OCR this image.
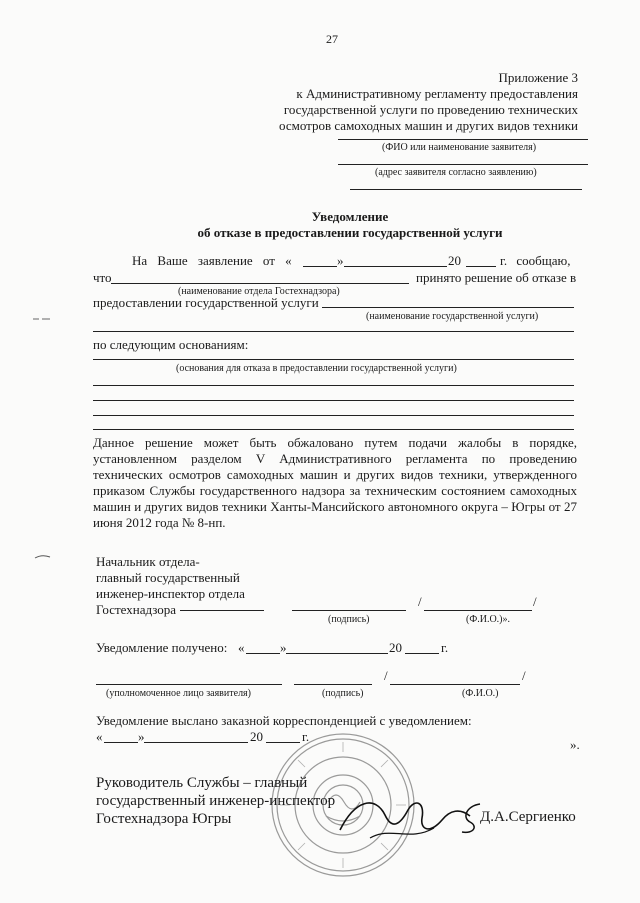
27
Приложение 3
к Административному регламенту предоставления
государственной услуги по проведению технических
осмотров самоходных машин и других видов техники
(ФИО или наименование заявителя)
(адрес заявителя согласно заявлению)
Уведомление
об отказе в предоставлении государственной услуги
На Ваше заявление от «	»	20	г. сообщаю,
что	принято решение об отказе в
(наименование отдела Гостехнадзора)
предоставлении государственной услуги
(наименование государственной услуги)
по следующим основаниям:
(основания для отказа в предоставлении государственной услуги)
Данное решение может быть обжаловано путем подачи жалобы в порядке, установленном разделом V Административного регламента по проведению технических осмотров самоходных машин и других видов техники, утвержденного приказом Службы государственного надзора за техническим состоянием самоходных машин и других видов техники Ханты-Мансийского автономного округа – Югры от 27 июня 2012 года № 8-нп.
Начальник отдела-
главный государственный
инженер-инспектор отдела
Гостехнадзора
/	/
(подпись)	(Ф.И.О.)».
Уведомление получено: «	»	20	г.
/	/
(уполномоченное лицо заявителя)	(подпись)	(Ф.И.О.)
Уведомление выслано заказной корреспонденцией с уведомлением:
«	»	20	г.
».
Руководитель Службы – главный
государственный инженер-инспектор
Гостехнадзора Югры	Д.А.Сергиенко
